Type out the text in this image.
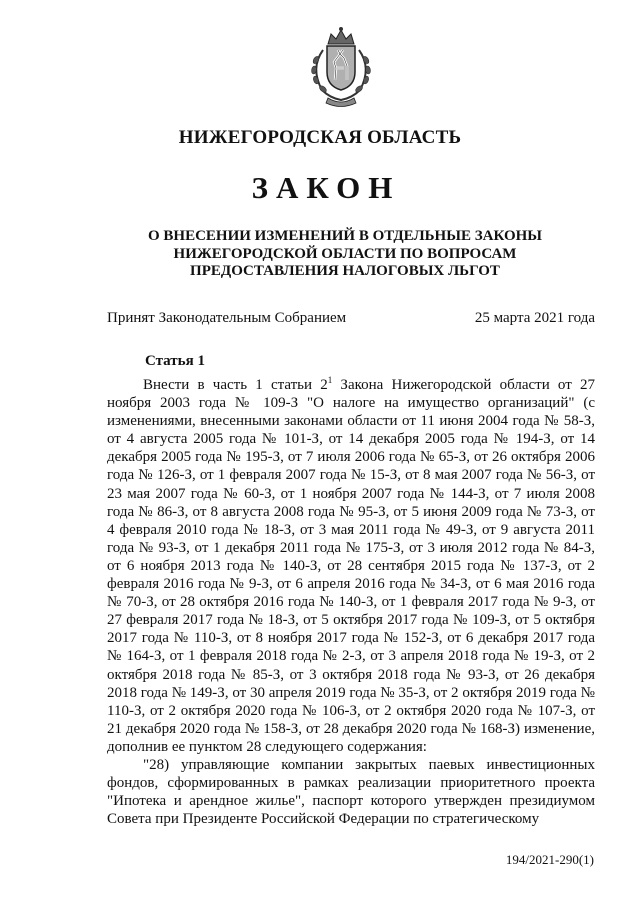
НИЖЕГОРОДСКАЯ ОБЛАСТЬ
ЗАКОН
О ВНЕСЕНИИ ИЗМЕНЕНИЙ В ОТДЕЛЬНЫЕ ЗАКОНЫ
НИЖЕГОРОДСКОЙ ОБЛАСТИ ПО ВОПРОСАМ
ПРЕДОСТАВЛЕНИЯ НАЛОГОВЫХ ЛЬГОТ
Принят Законодательным Собранием	25 марта 2021 года
Статья 1

Внести в часть 1 статьи $2^1$ Закона Нижегородской области от 27 ноября 2003 года № 109-З "О налоге на имущество организаций" (с изменениями, внесенными законами области от 11 июня 2004 года № 58-З, от 4 августа 2005 года № 101-З, от 14 декабря 2005 года № 194-З, от 14 декабря 2005 года № 195-З, от 7 июля 2006 года № 65-З, от 26 октября 2006 года № 126-З, от 1 февраля 2007 года № 15-З, от 8 мая 2007 года № 56-З, от 23 мая 2007 года № 60-З, от 1 ноября 2007 года № 144-З, от 7 июля 2008 года № 86-З, от 8 августа 2008 года № 95-З, от 5 июня 2009 года № 73-З, от 4 февраля 2010 года № 18-З, от 3 мая 2011 года № 49-З, от 9 августа 2011 года № 93-З, от 1 декабря 2011 года № 175-З, от 3 июля 2012 года № 84-З, от 6 ноября 2013 года № 140-З, от 28 сентября 2015 года № 137-З, от 2 февраля 2016 года № 9-З, от 6 апреля 2016 года № 34-З, от 6 мая 2016 года № 70-З, от 28 октября 2016 года № 140-З, от 1 февраля 2017 года № 9-З, от 27 февраля 2017 года № 18-З, от 5 октября 2017 года № 109-З, от 5 октября 2017 года № 110-З, от 8 ноября 2017 года № 152-З, от 6 декабря 2017 года № 164-З, от 1 февраля 2018 года № 2-З, от 3 апреля 2018 года № 19-З, от 2 октября 2018 года № 85-З, от 3 октября 2018 года № 93-З, от 26 декабря 2018 года № 149-З, от 30 апреля 2019 года № 35-З, от 2 октября 2019 года № 110-З, от 2 октября 2020 года № 106-З, от 2 октября 2020 года № 107-З, от 21 декабря 2020 года № 158-З, от 28 декабря 2020 года № 168-З) изменение, дополнив ее пунктом 28 следующего содержания:

"28) управляющие компании закрытых паевых инвестиционных фондов, сформированных в рамках реализации приоритетного проекта "Ипотека и арендное жилье", паспорт которого утвержден президиумом Совета при Президенте Российской Федерации по стратегическому

194/2021-290(1)
